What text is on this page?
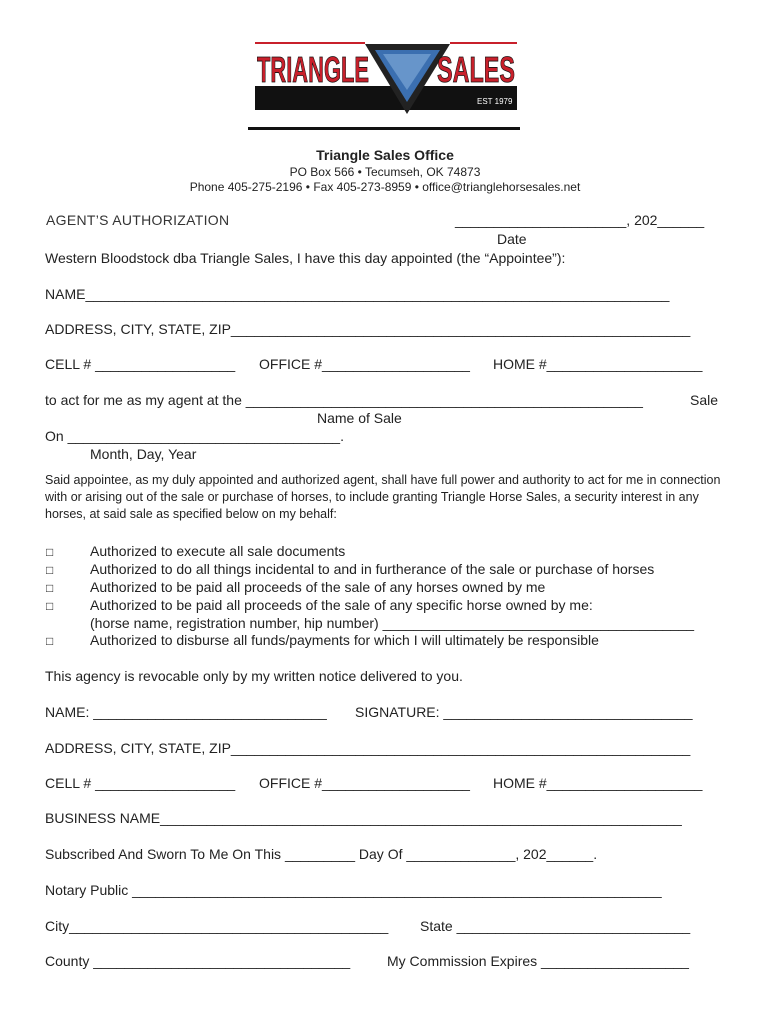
TRIANGLE SALES
EST 1979
Triangle Sales Office
PO Box 566 • Tecumseh, OK 74873
Phone 405-275-2196 • Fax 405-273-8959 • office@trianglehorsesales.net
AGENT’S AUTHORIZATION	______________________, 202______
Date
Western Bloodstock dba Triangle Sales, I have this day appointed (the “Appointee”):
NAME___________________________________________________________________________
ADDRESS, CITY, STATE, ZIP___________________________________________________________
CELL # __________________ OFFICE #___________________ HOME #____________________
to act for me as my agent at the ___________________________________________________	Sale
Name of Sale
On ___________________________________.
Month, Day, Year
Said appointee, as my duly appointed and authorized agent, shall have full power and authority to act for me in connection with or arising out of the sale or purchase of horses, to include granting Triangle Horse Sales, a security interest in any horses, at said sale as specified below on my behalf:
□	Authorized to execute all sale documents
□	Authorized to do all things incidental to and in furtherance of the sale or purchase of horses
□	Authorized to be paid all proceeds of the sale of any horses owned by me
□	Authorized to be paid all proceeds of the sale of any specific horse owned by me:
(horse name, registration number, hip number) ________________________________________
□	Authorized to disburse all funds/payments for which I will ultimately be responsible
This agency is revocable only by my written notice delivered to you.
NAME: ______________________________ SIGNATURE: ________________________________
ADDRESS, CITY, STATE, ZIP___________________________________________________________
CELL # __________________ OFFICE #___________________ HOME #____________________
BUSINESS NAME___________________________________________________________________
Subscribed And Sworn To Me On This _________ Day Of ______________, 202______.
Notary Public ____________________________________________________________________
City_________________________________________ State ______________________________
County _________________________________	My Commission Expires ___________________
